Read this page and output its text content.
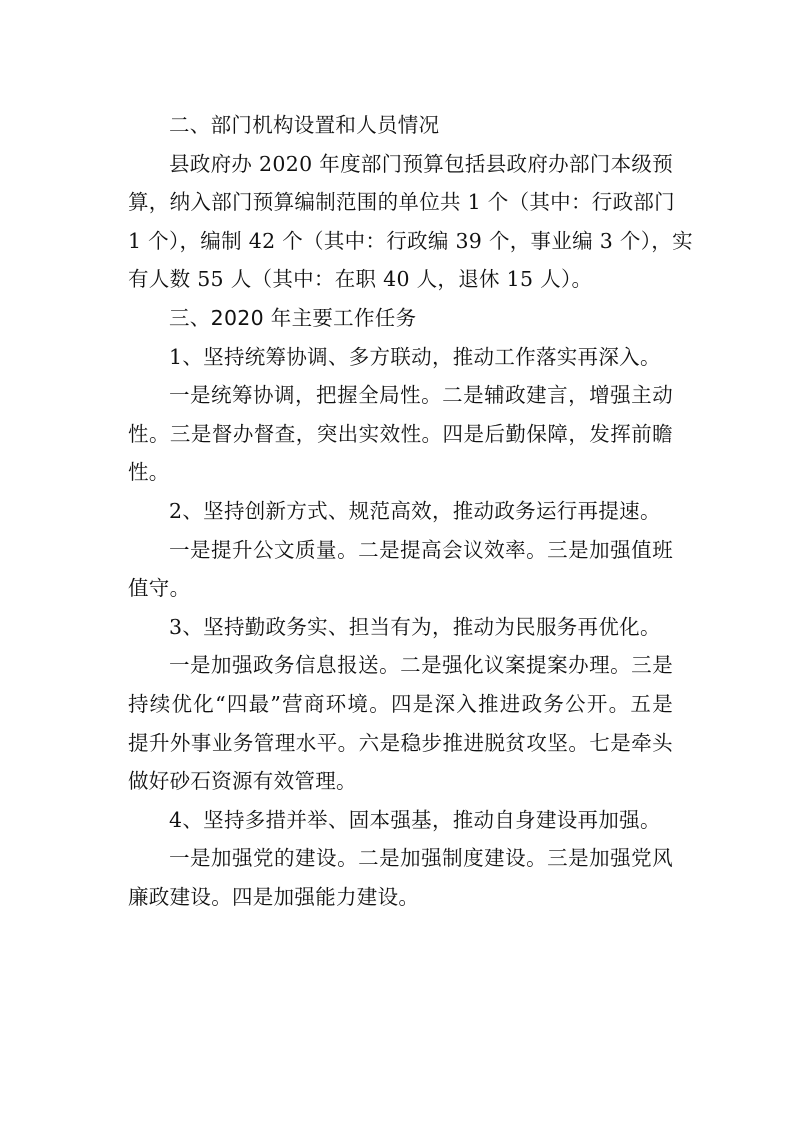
二、部门机构设置和人员情况
县政府办 2020 年度部门预算包括县政府办部门本级预
算，纳入部门预算编制范围的单位共 1 个（其中：行政部门
1 个），编制 42 个（其中：行政编 39 个，事业编 3 个），实
有人数 55 人（其中：在职 40 人，退休 15 人）。
三、2020 年主要工作任务
1、坚持统筹协调、多方联动，推动工作落实再深入。
一是统筹协调，把握全局性。二是辅政建言，增强主动
性。三是督办督查，突出实效性。四是后勤保障，发挥前瞻
性。
2、坚持创新方式、规范高效，推动政务运行再提速。
一是提升公文质量。二是提高会议效率。三是加强值班
值守。
3、坚持勤政务实、担当有为，推动为民服务再优化。
一是加强政务信息报送。二是强化议案提案办理。三是
持续优化“四最”营商环境。四是深入推进政务公开。五是
提升外事业务管理水平。六是稳步推进脱贫攻坚。七是牵头
做好砂石资源有效管理。
4、坚持多措并举、固本强基，推动自身建设再加强。
一是加强党的建设。二是加强制度建设。三是加强党风
廉政建设。四是加强能力建设。
